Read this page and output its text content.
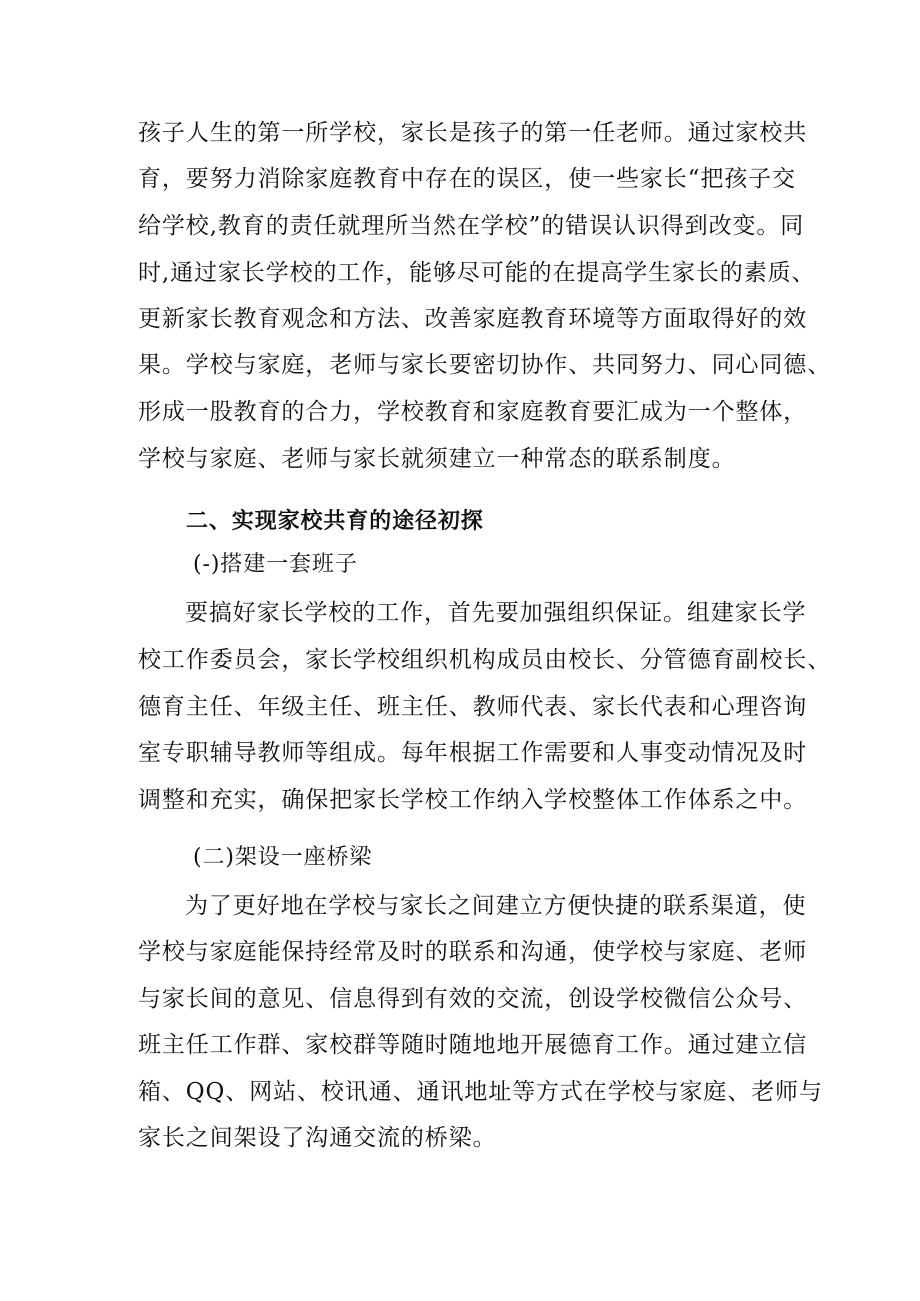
孩子人生的第一所学校，家长是孩子的第一任老师。通过家校共
育，要努力消除家庭教育中存在的误区，使一些家长“把孩子交
给学校,教育的责任就理所当然在学校”的错误认识得到改变。同
时,通过家长学校的工作，能够尽可能的在提高学生家长的素质、
更新家长教育观念和方法、改善家庭教育环境等方面取得好的效
果。学校与家庭，老师与家长要密切协作、共同努力、同心同德、
形成一股教育的合力，学校教育和家庭教育要汇成为一个整体，
学校与家庭、老师与家长就须建立一种常态的联系制度。
二、实现家校共育的途径初探
(-)搭建一套班子
要搞好家长学校的工作，首先要加强组织保证。组建家长学
校工作委员会，家长学校组织机构成员由校长、分管德育副校长、
德育主任、年级主任、班主任、教师代表、家长代表和心理咨询
室专职辅导教师等组成。每年根据工作需要和人事变动情况及时
调整和充实，确保把家长学校工作纳入学校整体工作体系之中。
(二)架设一座桥梁
为了更好地在学校与家长之间建立方便快捷的联系渠道，使
学校与家庭能保持经常及时的联系和沟通，使学校与家庭、老师
与家长间的意见、信息得到有效的交流，创设学校微信公众号、
班主任工作群、家校群等随时随地地开展德育工作。通过建立信
箱、QQ、网站、校讯通、通讯地址等方式在学校与家庭、老师与
家长之间架设了沟通交流的桥梁。
